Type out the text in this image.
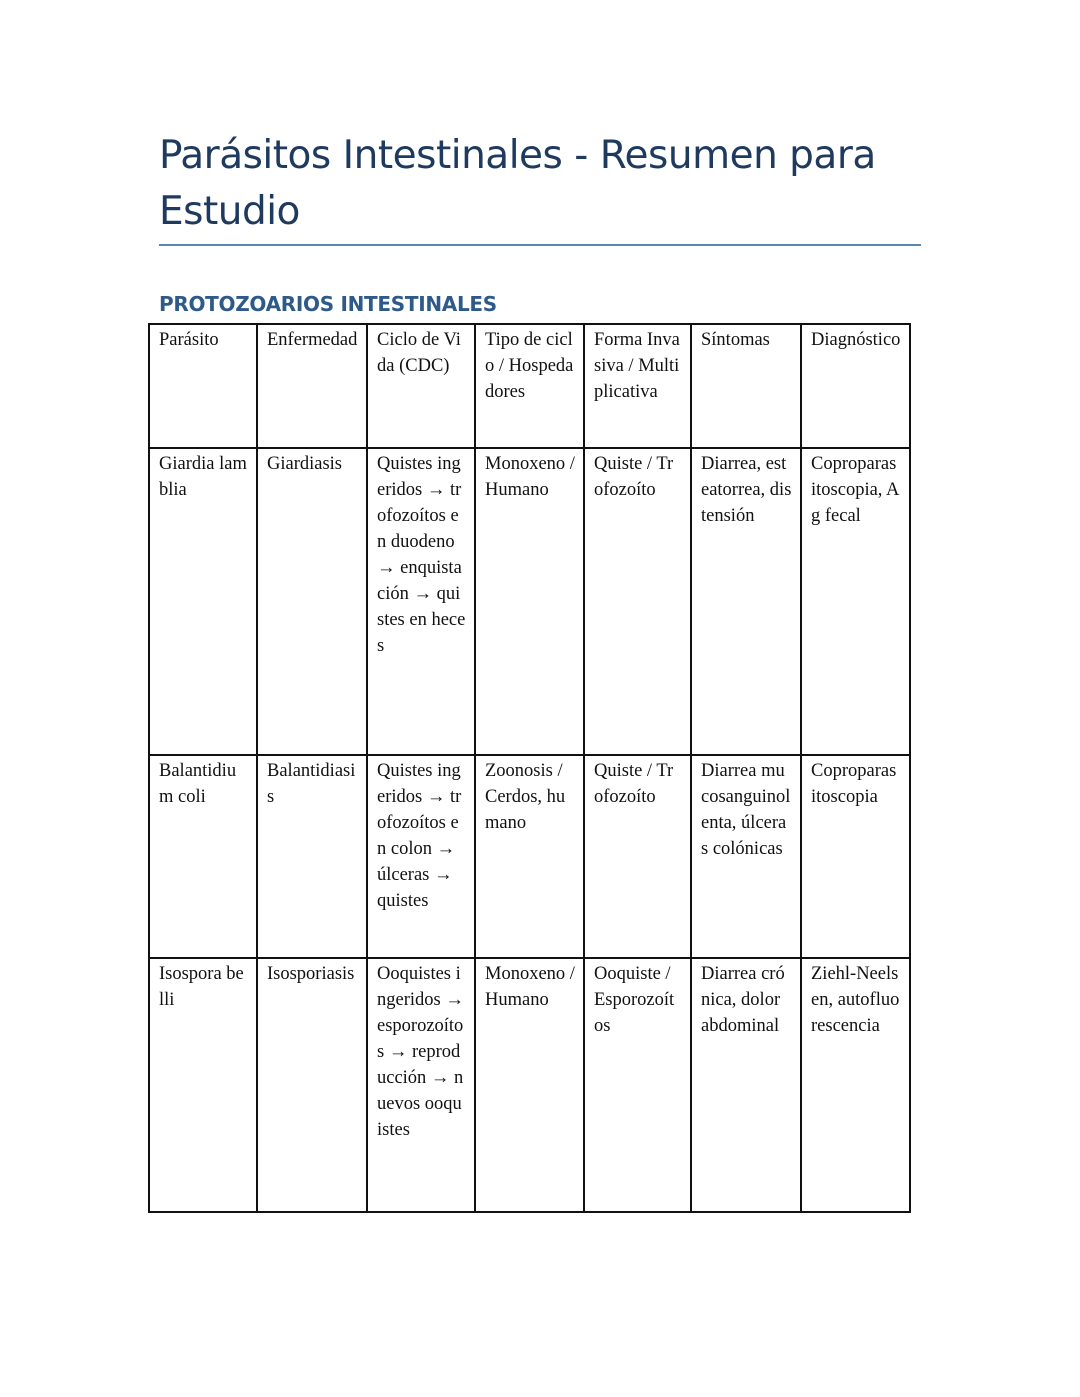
Parásitos Intestinales - Resumen para Estudio
PROTOZOARIOS INTESTINALES
Parásito	Enfermedad	Ciclo de Vida (CDC)	Tipo de ciclo / Hospedadores	Forma Invasiva / Multiplicativa	Síntomas	Diagnóstico
Giardia lamblia	Giardiasis	Quistes ingeridos → trofozoítos en duodeno → enquistación → quistes en heces	Monoxeno / Humano	Quiste / Trofozoíto	Diarrea, esteatorrea, distensión	Coproparasitoscopia, Ag fecal
Balantidium coli	Balantidiasis	Quistes ingeridos → trofozoítos en colon → úlceras → quistes	Zoonosis / Cerdos, humano	Quiste / Trofozoíto	Diarrea mucosanguinolenta, úlceras colónicas	Coproparasitoscopia
Isospora belli	Isosporiasis	Ooquistes ingeridos → esporozoítos → reproducción → nuevos ooquistes	Monoxeno / Humano	Ooquiste / Esporozoítos	Diarrea crónica, dolor abdominal	Ziehl-Neelsen, autofluorescencia
